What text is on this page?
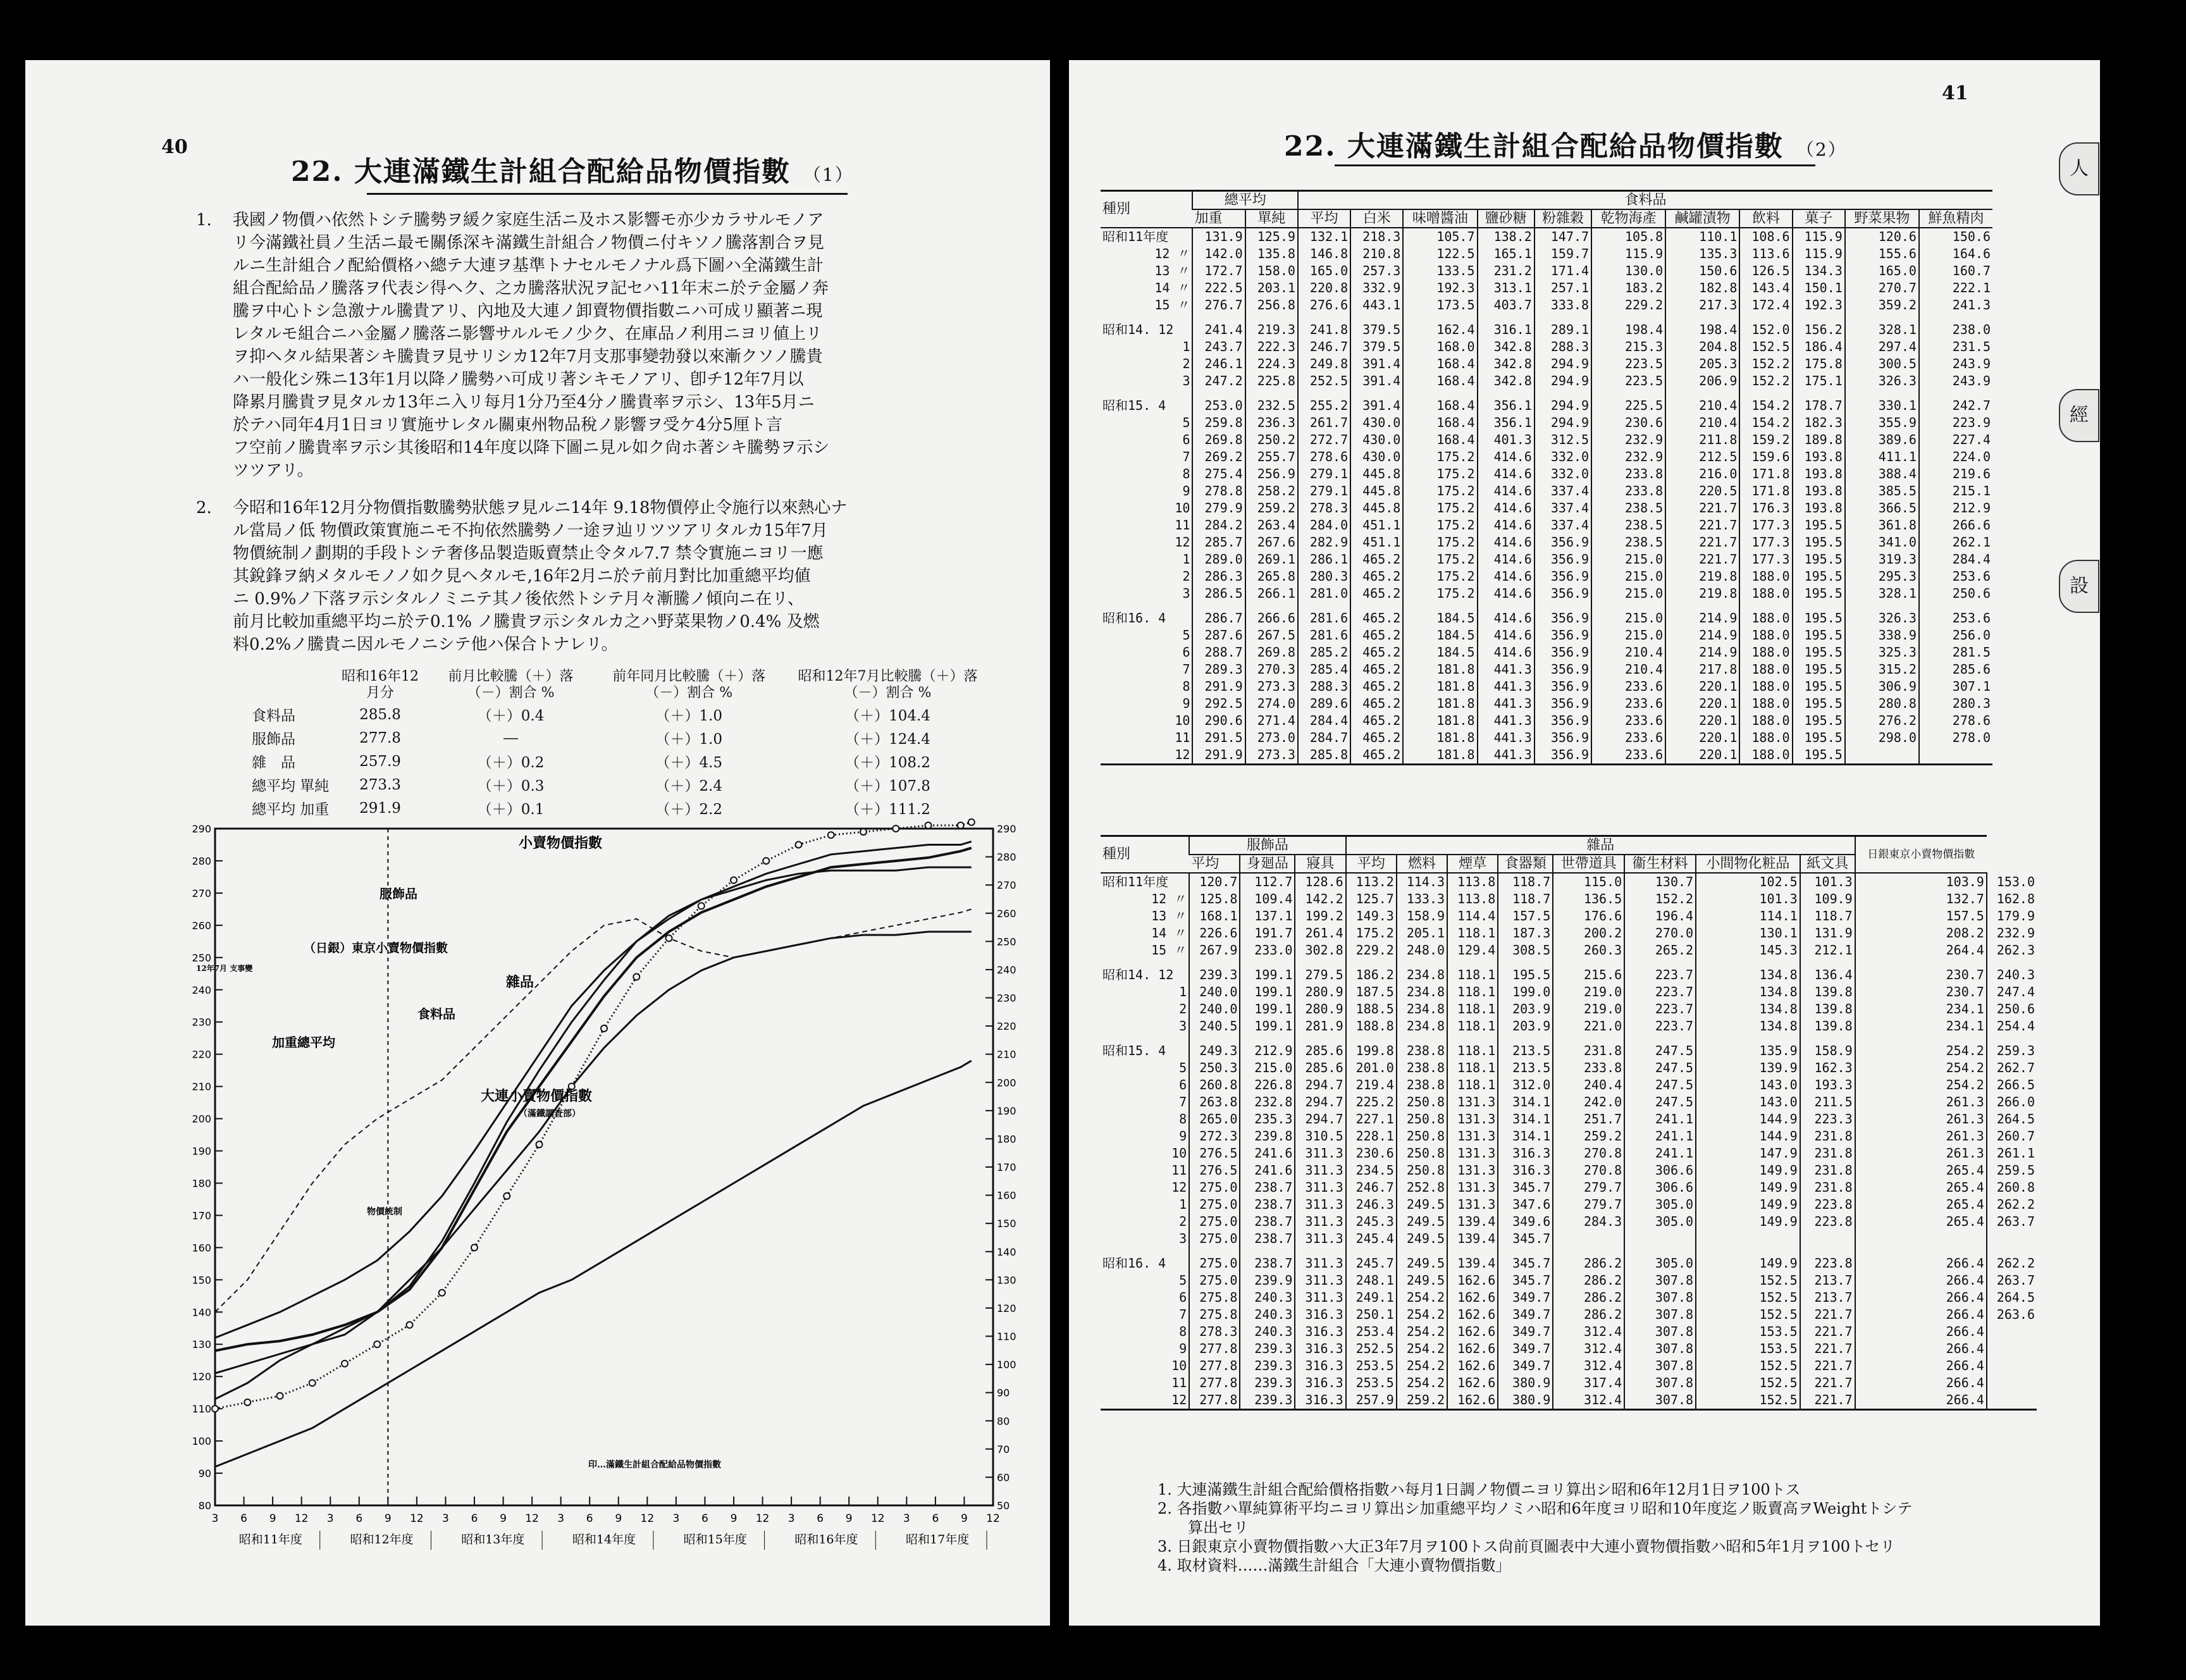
40
22. 大連滿鐵生計組合配給品物價指數 （1）
1. 我國ノ物價ハ依然トシテ騰勢ヲ緩ク家庭生活ニ及ホス影響モ亦少カラサルモノア
リ今滿鐵社員ノ生活ニ最モ關係深キ滿鐵生計組合ノ物價ニ付キソノ騰落割合ヲ見
ルニ生計組合ノ配給價格ハ總テ大連ヲ基準トナセルモノナル爲下圖ハ全滿鐵生計
組合配給品ノ騰落ヲ代表シ得ヘク、之カ騰落狀況ヲ記セハ11年末ニ於テ金屬ノ奔
騰ヲ中心トシ急激ナル騰貴アリ、內地及大連ノ卸賣物價指數ニハ可成リ顯著ニ現
レタルモ組合ニハ金屬ノ騰落ニ影響サルルモノ少ク、在庫品ノ利用ニヨリ値上リ
ヲ抑ヘタル結果著シキ騰貴ヲ見サリシカ12年7月支那事變勃發以來漸クソノ騰貴
ハ一般化シ殊ニ13年1月以降ノ騰勢ハ可成リ著シキモノアリ、卽チ12年7月以
降累月騰貴ヲ見タルカ13年ニ入リ每月1分乃至4分ノ騰貴率ヲ示シ、13年5月ニ
於テハ同年4月1日ヨリ實施サレタル關東州物品稅ノ影響ヲ受ケ4分5厘ト言
フ空前ノ騰貴率ヲ示シ其後昭和14年度以降下圖ニ見ル如ク尙ホ著シキ騰勢ヲ示シ
ツツアリ。
2. 今昭和16年12月分物價指數騰勢狀態ヲ見ルニ14年 9.18物價停止令施行以來熱心ナ
ル當局ノ低 物價政策實施ニモ不拘依然騰勢ノ一途ヲ辿リツツアリタルカ15年7月
物價統制ノ劃期的手段トシテ奢侈品製造販賣禁止令タル7.7 禁令實施ニヨリ一應
其銳鋒ヲ納メタルモノノ如ク見ヘタルモ,16年2月ニ於テ前月對比加重總平均値
ニ 0.9%ノ下落ヲ示シタルノミニテ其ノ後依然トシテ月々漸騰ノ傾向ニ在リ、
前月比較加重總平均ニ於テ0.1% ノ騰貴ヲ示シタルカ之ハ野菜果物ノ0.4% 及燃
料0.2%ノ騰貴ニ因ルモノニシテ他ハ保合トナレリ。
	昭和16年12月分	前月比較騰（＋）落（－）割合 %	前年同月比較騰（＋）落（－）割合 %	昭和12年7月比較騰（＋）落（－）割合 %
食料品	285.8	（＋）0.4	（＋）1.0	（＋）104.4
服飾品	277.8	―	（＋）1.0	（＋）124.4
雜　品	257.9	（＋）0.2	（＋）4.5	（＋）108.2
總平均 單純	273.3	（＋）0.3	（＋）2.4	（＋）107.8
總平均 加重	291.9	（＋）0.1	（＋）2.2	（＋）111.2
290
280
270
260
250
240
230
220
210
200
190
180
170
160
150
140
130
120
110
100
90
80
290
280
270
260
250
240
230
220
210
200
190
180
170
160
150
140
130
120
110
100
90
80
70
60
50
3 6 9 12 3 6 9 12 3 6 9 12 3 6 9 12 3 6 9 12 3 6 9 12 3 6 9 12
昭和11年度	昭和12年度	昭和13年度	昭和14年度	昭和15年度	昭和16年度	昭和17年度
小賣物價指數
服飾品
（日銀）東京小賣物價指數
雜品
食料品
加重總平均
大連小賣物價指數
（滿鐵調査部）
12年7月 支事變
物價統制
印…滿鐵生計組合配給品物價指數
41
22. 大連滿鐵生計組合配給品物價指數 （2）
種別	總平均		食料品										
	加重	單純	平均	白米	味噌醬油	鹽砂糖	粉雜穀	乾物海產	鹹罐漬物	飲料	菓子	野菜果物	鮮魚精肉
昭和11年度	131.9	125.9	132.1	218.3	105.7	138.2	147.7	105.8	110.1	108.6	115.9	120.6	150.6
12 〃	142.0	135.8	146.8	210.8	122.5	165.1	159.7	115.9	135.3	113.6	115.9	155.6	164.6
13 〃	172.7	158.0	165.0	257.3	133.5	231.2	171.4	130.0	150.6	126.5	134.3	165.0	160.7
14 〃	222.5	203.1	220.8	332.9	192.3	313.1	257.1	183.2	182.8	143.4	150.1	270.7	222.1
15 〃	276.7	256.8	276.6	443.1	173.5	403.7	333.8	229.2	217.3	172.4	192.3	359.2	241.3

昭和14. 12	241.4	219.3	241.8	379.5	162.4	316.1	289.1	198.4	198.4	152.0	156.2	328.1	238.0
1	243.7	222.3	246.7	379.5	168.0	342.8	288.3	215.3	204.8	152.5	186.4	297.4	231.5
2	246.1	224.3	249.8	391.4	168.4	342.8	294.9	223.5	205.3	152.2	175.8	300.5	243.9
3	247.2	225.8	252.5	391.4	168.4	342.8	294.9	223.5	206.9	152.2	175.1	326.3	243.9

昭和15. 4	253.0	232.5	255.2	391.4	168.4	356.1	294.9	225.5	210.4	154.2	178.7	330.1	242.7
5	259.8	236.3	261.7	430.0	168.4	356.1	294.9	230.6	210.4	154.2	182.3	355.9	223.9
6	269.8	250.2	272.7	430.0	168.4	401.3	312.5	232.9	211.8	159.2	189.8	389.6	227.4
7	269.2	255.7	278.6	430.0	175.2	414.6	332.0	232.9	212.5	159.6	193.8	411.1	224.0
8	275.4	256.9	279.1	445.8	175.2	414.6	332.0	233.8	216.0	171.8	193.8	388.4	219.6
9	278.8	258.2	279.1	445.8	175.2	414.6	337.4	233.8	220.5	171.8	193.8	385.5	215.1
10	279.9	259.2	278.3	445.8	175.2	414.6	337.4	238.5	221.7	176.3	193.8	366.5	212.9
11	284.2	263.4	284.0	451.1	175.2	414.6	337.4	238.5	221.7	177.3	195.5	361.8	266.6
12	285.7	267.6	282.9	451.1	175.2	414.6	356.9	238.5	221.7	177.3	195.5	341.0	262.1
1	289.0	269.1	286.1	465.2	175.2	414.6	356.9	215.0	221.7	177.3	195.5	319.3	284.4
2	286.3	265.8	280.3	465.2	175.2	414.6	356.9	215.0	219.8	188.0	195.5	295.3	253.6
3	286.5	266.1	281.0	465.2	175.2	414.6	356.9	215.0	219.8	188.0	195.5	328.1	250.6

昭和16. 4	286.7	266.6	281.6	465.2	184.5	414.6	356.9	215.0	214.9	188.0	195.5	326.3	253.6
5	287.6	267.5	281.6	465.2	184.5	414.6	356.9	215.0	214.9	188.0	195.5	338.9	256.0
6	288.7	269.8	285.2	465.2	184.5	414.6	356.9	210.4	214.9	188.0	195.5	325.3	281.5
7	289.3	270.3	285.4	465.2	181.8	441.3	356.9	210.4	217.8	188.0	195.5	315.2	285.6
8	291.9	273.3	288.3	465.2	181.8	441.3	356.9	233.6	220.1	188.0	195.5	306.9	307.1
9	292.5	274.0	289.6	465.2	181.8	441.3	356.9	233.6	220.1	188.0	195.5	280.8	280.3
10	290.6	271.4	284.4	465.2	181.8	441.3	356.9	233.6	220.1	188.0	195.5	276.2	278.6
11	291.5	273.0	284.7	465.2	181.8	441.3	356.9	233.6	220.1	188.0	195.5	298.0	278.0
12	291.9	273.3	285.8	465.2	181.8	441.3	356.9	233.6	220.1	188.0	195.5		
種別	服飾品			雜品								日銀東京小賣物價指數	
	平均	身廻品	寢具	平均	燃料	煙草	食器類	世帶道具	衞生材料	小間物化粧品	紙文具		
昭和11年度	120.7	112.7	128.6	113.2	114.3	113.8	118.7	115.0	130.7	102.5	101.3	103.9	153.0
12 〃	125.8	109.4	142.2	125.7	133.3	113.8	118.7	136.5	152.2	101.3	109.9	132.7	162.8
13 〃	168.1	137.1	199.2	149.3	158.9	114.4	157.5	176.6	196.4	114.1	118.7	157.5	179.9
14 〃	226.6	191.7	261.4	175.2	205.1	118.1	187.3	200.2	270.0	130.1	131.9	208.2	232.9
15 〃	267.9	233.0	302.8	229.2	248.0	129.4	308.5	260.3	265.2	145.3	212.1	264.4	262.3

昭和14. 12	239.3	199.1	279.5	186.2	234.8	118.1	195.5	215.6	223.7	134.8	136.4	230.7	240.3
1	240.0	199.1	280.9	187.5	234.8	118.1	199.0	219.0	223.7	134.8	139.8	230.7	247.4
2	240.0	199.1	280.9	188.5	234.8	118.1	203.9	219.0	223.7	134.8	139.8	234.1	250.6
3	240.5	199.1	281.9	188.8	234.8	118.1	203.9	221.0	223.7	134.8	139.8	234.1	254.4

昭和15. 4	249.3	212.9	285.6	199.8	238.8	118.1	213.5	231.8	247.5	135.9	158.9	254.2	259.3
5	250.3	215.0	285.6	201.0	238.8	118.1	213.5	233.8	247.5	139.9	162.3	254.2	262.7
6	260.8	226.8	294.7	219.4	238.8	118.1	312.0	240.4	247.5	143.0	193.3	254.2	266.5
7	263.8	232.8	294.7	225.2	250.8	131.3	314.1	242.0	247.5	143.0	211.5	261.3	266.0
8	265.0	235.3	294.7	227.1	250.8	131.3	314.1	251.7	241.1	144.9	223.3	261.3	264.5
9	272.3	239.8	310.5	228.1	250.8	131.3	314.1	259.2	241.1	144.9	231.8	261.3	260.7
10	276.5	241.6	311.3	230.6	250.8	131.3	316.3	270.8	241.1	147.9	231.8	261.3	261.1
11	276.5	241.6	311.3	234.5	250.8	131.3	316.3	270.8	306.6	149.9	231.8	265.4	259.5
12	275.0	238.7	311.3	246.7	252.8	131.3	345.7	279.7	306.6	149.9	231.8	265.4	260.8
1	275.0	238.7	311.3	246.3	249.5	131.3	347.6	279.7	305.0	149.9	223.8	265.4	262.2
2	275.0	238.7	311.3	245.3	249.5	139.4	349.6	284.3	305.0	149.9	223.8	265.4	263.7
3	275.0	238.7	311.3	245.4	249.5	139.4	345.7						

昭和16. 4	275.0	238.7	311.3	245.7	249.5	139.4	345.7	286.2	305.0	149.9	223.8	266.4	262.2
5	275.0	239.9	311.3	248.1	249.5	162.6	345.7	286.2	307.8	152.5	213.7	266.4	263.7
6	275.8	240.3	311.3	249.1	254.2	162.6	349.7	286.2	307.8	152.5	213.7	266.4	264.5
7	275.8	240.3	316.3	250.1	254.2	162.6	349.7	286.2	307.8	152.5	221.7	266.4	263.6
8	278.3	240.3	316.3	253.4	254.2	162.6	349.7	312.4	307.8	153.5	221.7	266.4	
9	277.8	239.3	316.3	252.5	254.2	162.6	349.7	312.4	307.8	153.5	221.7	266.4	
10	277.8	239.3	316.3	253.5	254.2	162.6	349.7	312.4	307.8	152.5	221.7	266.4	
11	277.8	239.3	316.3	253.5	254.2	162.6	380.9	317.4	307.8	152.5	221.7	266.4	
12	277.8	239.3	316.3	257.9	259.2	162.6	380.9	312.4	307.8	152.5	221.7	266.4	
1. 大連滿鐵生計組合配給價格指數ハ每月1日調ノ物價ニヨリ算出シ昭和6年12月1日ヲ100トス
2. 各指數ハ單純算術平均ニヨリ算出シ加重總平均ノミハ昭和6年度ヨリ昭和10年度迄ノ販賣高ヲWeightトシテ
　　算出セリ
3. 日銀東京小賣物價指數ハ大正3年7月ヲ100トス尙前頁圖表中大連小賣物價指數ハ昭和5年1月ヲ100トセリ
4. 取材資料……滿鐵生計組合「大連小賣物價指數」
人
經
設
